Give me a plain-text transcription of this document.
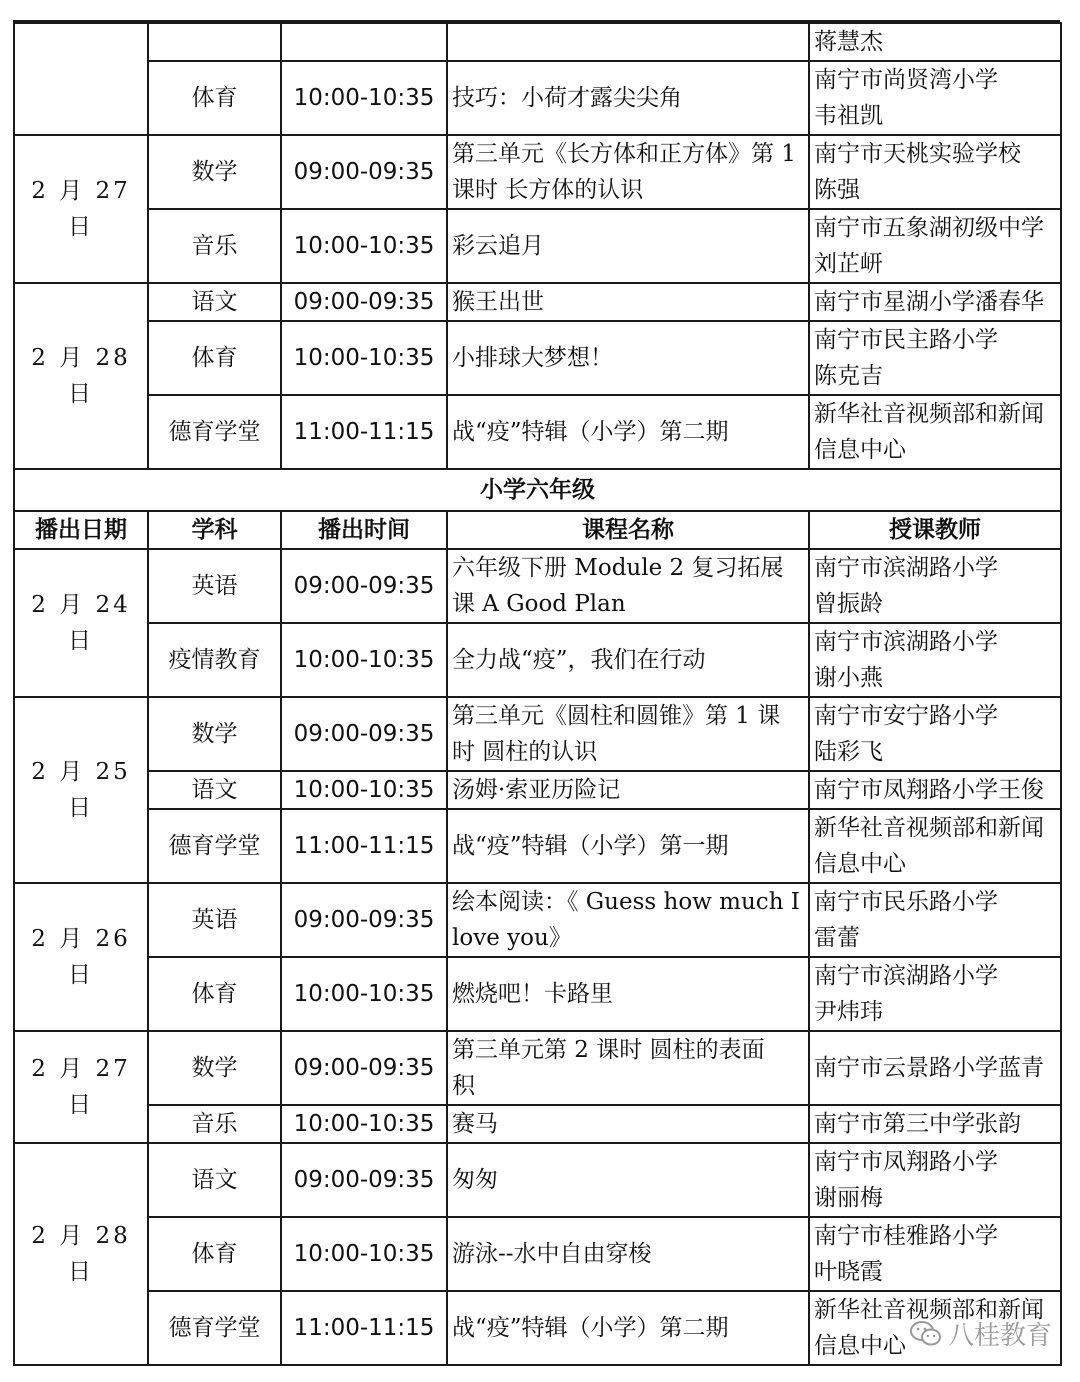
				蒋慧杰

	体育	10:00-10:35	技巧：小荷才露尖尖角	南宁市尚贤湾小学
韦祖凯

2 月 27 日	数学	09:00-09:35	第三单元《长方体和正方体》第 1
课时 长方体的认识	南宁市天桃实验学校
陈强

	音乐	10:00-10:35	彩云追月	南宁市五象湖初级中学
刘芷岍

2 月 28 日	语文	09:00-09:35	猴王出世	南宁市星湖小学潘春华

	体育	10:00-10:35	小排球大梦想！	南宁市民主路小学
陈克吉

	德育学堂	11:00-11:15	战“疫”特辑（小学）第二期	新华社音视频部和新闻
信息中心

小学六年级				
播出日期	学科	播出时间	课程名称	授课教师
2 月 24 日	英语	09:00-09:35	六年级下册 Module 2 复习拓展
课 A Good Plan	南宁市滨湖路小学
曾振龄

	疫情教育	10:00-10:35	全力战“疫”，我们在行动	南宁市滨湖路小学
谢小燕

2 月 25 日	数学	09:00-09:35	第三单元《圆柱和圆锥》第 1 课
时 圆柱的认识	南宁市安宁路小学
陆彩飞

	语文	10:00-10:35	汤姆·索亚历险记	南宁市凤翔路小学王俊

	德育学堂	11:00-11:15	战“疫”特辑（小学）第一期	新华社音视频部和新闻
信息中心

2 月 26 日	英语	09:00-09:35	绘本阅读：《 Guess how much I
love you》	南宁市民乐路小学
雷蕾

	体育	10:00-10:35	燃烧吧！卡路里	南宁市滨湖路小学
尹炜玮

2 月 27 日	数学	09:00-09:35	第三单元第 2 课时 圆柱的表面
积	南宁市云景路小学蓝青

	音乐	10:00-10:35	赛马	南宁市第三中学张韵

2 月 28 日	语文	09:00-09:35	匆匆	南宁市凤翔路小学
谢丽梅

	体育	10:00-10:35	游泳--水中自由穿梭	南宁市桂雅路小学
叶晓霞

	德育学堂	11:00-11:15	战“疫”特辑（小学）第二期	新华社音视频部和新闻
信息中心	八桂教育
